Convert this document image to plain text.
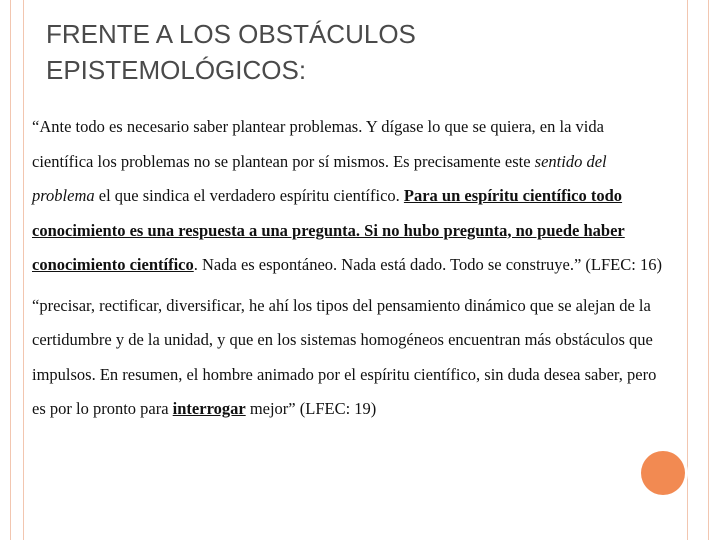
FRENTE A LOS OBSTÁCULOS
EPISTEMOLÓGICOS:

“Ante todo es necesario saber plantear problemas. Y dígase lo que se quiera, en la vida científica los problemas no se plantean por sí mismos. Es precisamente este sentido del problema el que sindica el verdadero espíritu científico. Para un espíritu científico todo conocimiento es una respuesta a una pregunta. Si no hubo pregunta, no puede haber conocimiento científico. Nada es espontáneo. Nada está dado. Todo se construye.” (LFEC: 16)

“precisar, rectificar, diversificar, he ahí los tipos del pensamiento dinámico que se alejan de la certidumbre y de la unidad, y que en los sistemas homogéneos encuentran más obstáculos que impulsos. En resumen, el hombre animado por el espíritu científico, sin duda desea saber, pero es por lo pronto para interrogar mejor” (LFEC: 19)
